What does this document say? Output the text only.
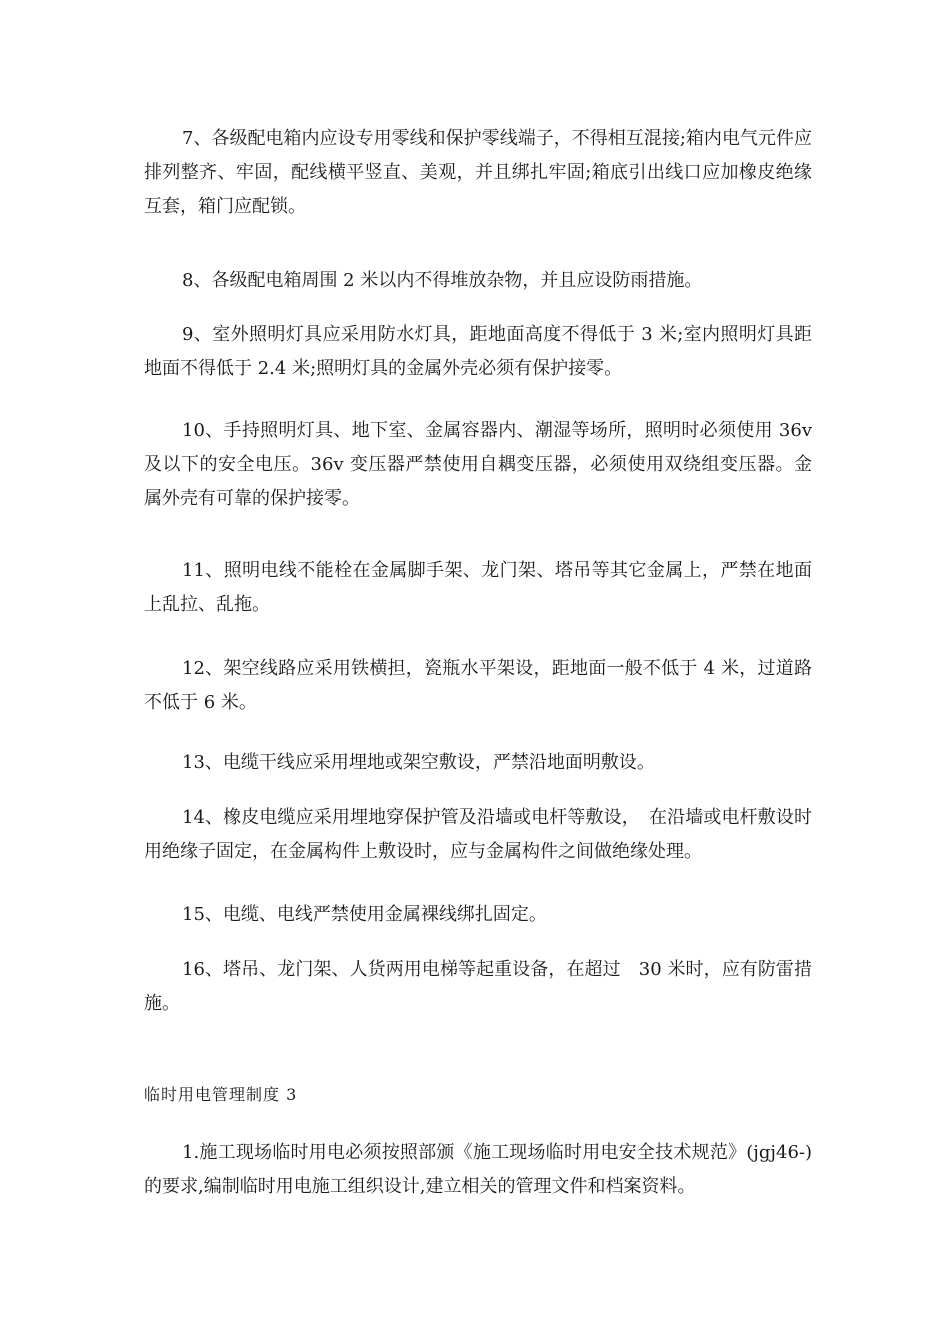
7、各级配电箱内应设专用零线和保护零线端子，不得相互混接;箱内电气元件应排列整齐、牢固，配线横平竖直、美观，并且绑扎牢固;箱底引出线口应加橡皮绝缘互套，箱门应配锁。

8、各级配电箱周围 2 米以内不得堆放杂物，并且应设防雨措施。

9、室外照明灯具应采用防水灯具，距地面高度不得低于 3 米;室内照明灯具距地面不得低于 2.4 米;照明灯具的金属外壳必须有保护接零。

10、手持照明灯具、地下室、金属容器内、潮湿等场所，照明时必须使用 36v 及以下的安全电压。36v 变压器严禁使用自耦变压器，必须使用双绕组变压器。金属外壳有可靠的保护接零。

11、照明电线不能栓在金属脚手架、龙门架、塔吊等其它金属上，严禁在地面上乱拉、乱拖。

12、架空线路应采用铁横担，瓷瓶水平架设，距地面一般不低于 4 米，过道路不低于 6 米。

13、电缆干线应采用埋地或架空敷设，严禁沿地面明敷设。

14、橡皮电缆应采用埋地穿保护管及沿墙或电杆等敷设，　在沿墙或电杆敷设时用绝缘子固定，在金属构件上敷设时，应与金属构件之间做绝缘处理。

15、电缆、电线严禁使用金属裸线绑扎固定。

16、塔吊、龙门架、人货两用电梯等起重设备，在超过　30 米时，应有防雷措施。

临时用电管理制度 3

1.施工现场临时用电必须按照部颁《施工现场临时用电安全技术规范》(jgj46-)的要求,编制临时用电施工组织设计,建立相关的管理文件和档案资料。
